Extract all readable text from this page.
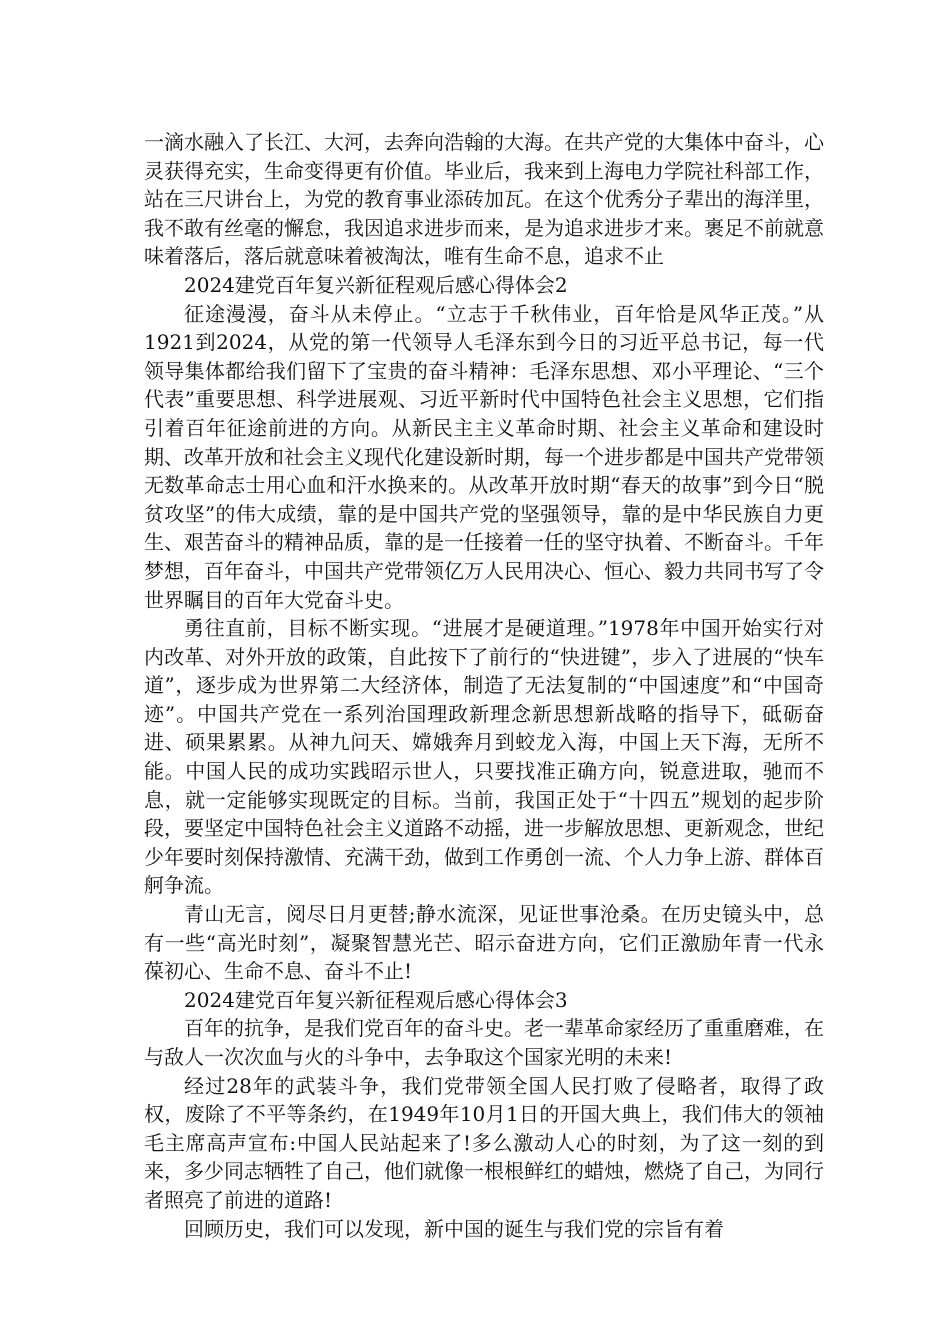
一滴水融入了长江、大河，去奔向浩翰的大海。在共产党的大集体中奋斗，心灵获得充实，生命变得更有价值。毕业后，我来到上海电力学院社科部工作，站在三尺讲台上，为党的教育事业添砖加瓦。在这个优秀分子辈出的海洋里，我不敢有丝毫的懈怠，我因追求进步而来，是为追求进步才来。裹足不前就意味着落后，落后就意味着被淘汰，唯有生命不息，追求不止

2024建党百年复兴新征程观后感心得体会2

征途漫漫，奋斗从未停止。“立志于千秋伟业，百年恰是风华正茂。”从1921到2024，从党的第一代领导人毛泽东到今日的习近平总书记，每一代领导集体都给我们留下了宝贵的奋斗精神：毛泽东思想、邓小平理论、“三个代表”重要思想、科学进展观、习近平新时代中国特色社会主义思想，它们指引着百年征途前进的方向。从新民主主义革命时期、社会主义革命和建设时期、改革开放和社会主义现代化建设新时期，每一个进步都是中国共产党带领无数革命志士用心血和汗水换来的。从改革开放时期“春天的故事”到今日“脱贫攻坚”的伟大成绩，靠的是中国共产党的坚强领导，靠的是中华民族自力更生、艰苦奋斗的精神品质，靠的是一任接着一任的坚守执着、不断奋斗。千年梦想，百年奋斗，中国共产党带领亿万人民用决心、恒心、毅力共同书写了令世界瞩目的百年大党奋斗史。

勇往直前，目标不断实现。“进展才是硬道理。”1978年中国开始实行对内改革、对外开放的政策，自此按下了前行的“快进键”，步入了进展的“快车道”，逐步成为世界第二大经济体，制造了无法复制的“中国速度”和“中国奇迹”。中国共产党在一系列治国理政新理念新思想新战略的指导下，砥砺奋进、硕果累累。从神九问天、嫦娥奔月到蛟龙入海，中国上天下海，无所不能。中国人民的成功实践昭示世人，只要找准正确方向，锐意进取，驰而不息，就一定能够实现既定的目标。当前，我国正处于“十四五”规划的起步阶段，要坚定中国特色社会主义道路不动摇，进一步解放思想、更新观念，世纪少年要时刻保持激情、充满干劲，做到工作勇创一流、个人力争上游、群体百舸争流。

青山无言，阅尽日月更替;静水流深，见证世事沧桑。在历史镜头中，总有一些“高光时刻”，凝聚智慧光芒、昭示奋进方向，它们正激励年青一代永葆初心、生命不息、奋斗不止!

2024建党百年复兴新征程观后感心得体会3

百年的抗争，是我们党百年的奋斗史。老一辈革命家经历了重重磨难，在与敌人一次次血与火的斗争中，去争取这个国家光明的未来!

经过28年的武装斗争，我们党带领全国人民打败了侵略者，取得了政权，废除了不平等条约，在1949年10月1日的开国大典上，我们伟大的领袖毛主席高声宣布:中国人民站起来了!多么激动人心的时刻，为了这一刻的到来，多少同志牺牲了自己，他们就像一根根鲜红的蜡烛，燃烧了自己，为同行者照亮了前进的道路!

回顾历史，我们可以发现，新中国的诞生与我们党的宗旨有着
